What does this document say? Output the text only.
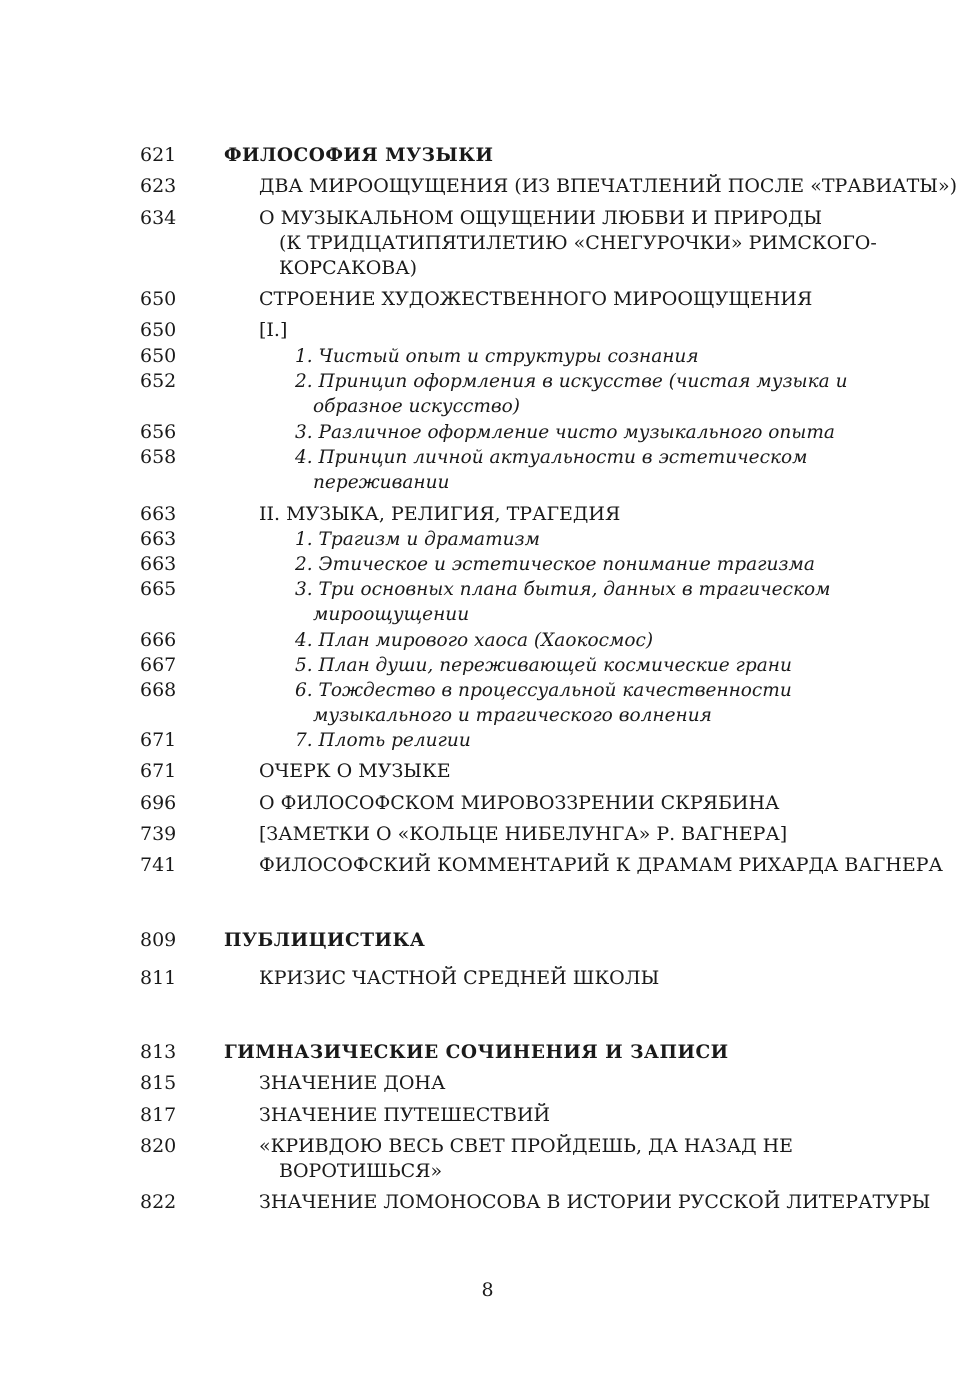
621	ФИЛОСОФИЯ МУЗЫКИ
623	ДВА МИРООЩУЩЕНИЯ (ИЗ ВПЕЧАТЛЕНИЙ ПОСЛЕ «ТРАВИАТЫ»)
634	О МУЗЫКАЛЬНОМ ОЩУЩЕНИИ ЛЮБВИ И ПРИРОДЫ
(К ТРИДЦАТИПЯТИЛЕТИЮ «СНЕГУРОЧКИ» РИМСКОГО-
КОРСАКОВА)
650	СТРОЕНИЕ ХУДОЖЕСТВЕННОГО МИРООЩУЩЕНИЯ
650	[I.]
650	1. Чистый опыт и структуры сознания
652	2. Принцип оформления в искусстве (чистая музыка и
образное искусство)
656	3. Различное оформление чисто музыкального опыта
658	4. Принцип личной актуальности в эстетическом
переживании
663	II. МУЗЫКА, РЕЛИГИЯ, ТРАГЕДИЯ
663	1. Трагизм и драматизм
663	2. Этическое и эстетическое понимание трагизма
665	3. Три основных плана бытия, данных в трагическом
мироощущении
666	4. План мирового хаоса (Хаокосмос)
667	5. План души, переживающей космические грани
668	6. Тождество в процессуальной качественности
музыкального и трагического волнения
671	7. Плоть религии
671	ОЧЕРК О МУЗЫКЕ
696	О ФИЛОСОФСКОМ МИРОВОЗЗРЕНИИ СКРЯБИНА
739	[ЗАМЕТКИ О «КОЛЬЦЕ НИБЕЛУНГА» Р. ВАГНЕРА]
741	ФИЛОСОФСКИЙ КОММЕНТАРИЙ К ДРАМАМ РИХАРДА ВАГНЕРА
809	ПУБЛИЦИСТИКА
811	КРИЗИС ЧАСТНОЙ СРЕДНЕЙ ШКОЛЫ
813	ГИМНАЗИЧЕСКИЕ СОЧИНЕНИЯ И ЗАПИСИ
815	ЗНАЧЕНИЕ ДОНА
817	ЗНАЧЕНИЕ ПУТЕШЕСТВИЙ
820	«КРИВДОЮ ВЕСЬ СВЕТ ПРОЙДЕШЬ, ДА НАЗАД НЕ
ВОРОТИШЬСЯ»
822	ЗНАЧЕНИЕ ЛОМОНОСОВА В ИСТОРИИ РУССКОЙ ЛИТЕРАТУРЫ
8
